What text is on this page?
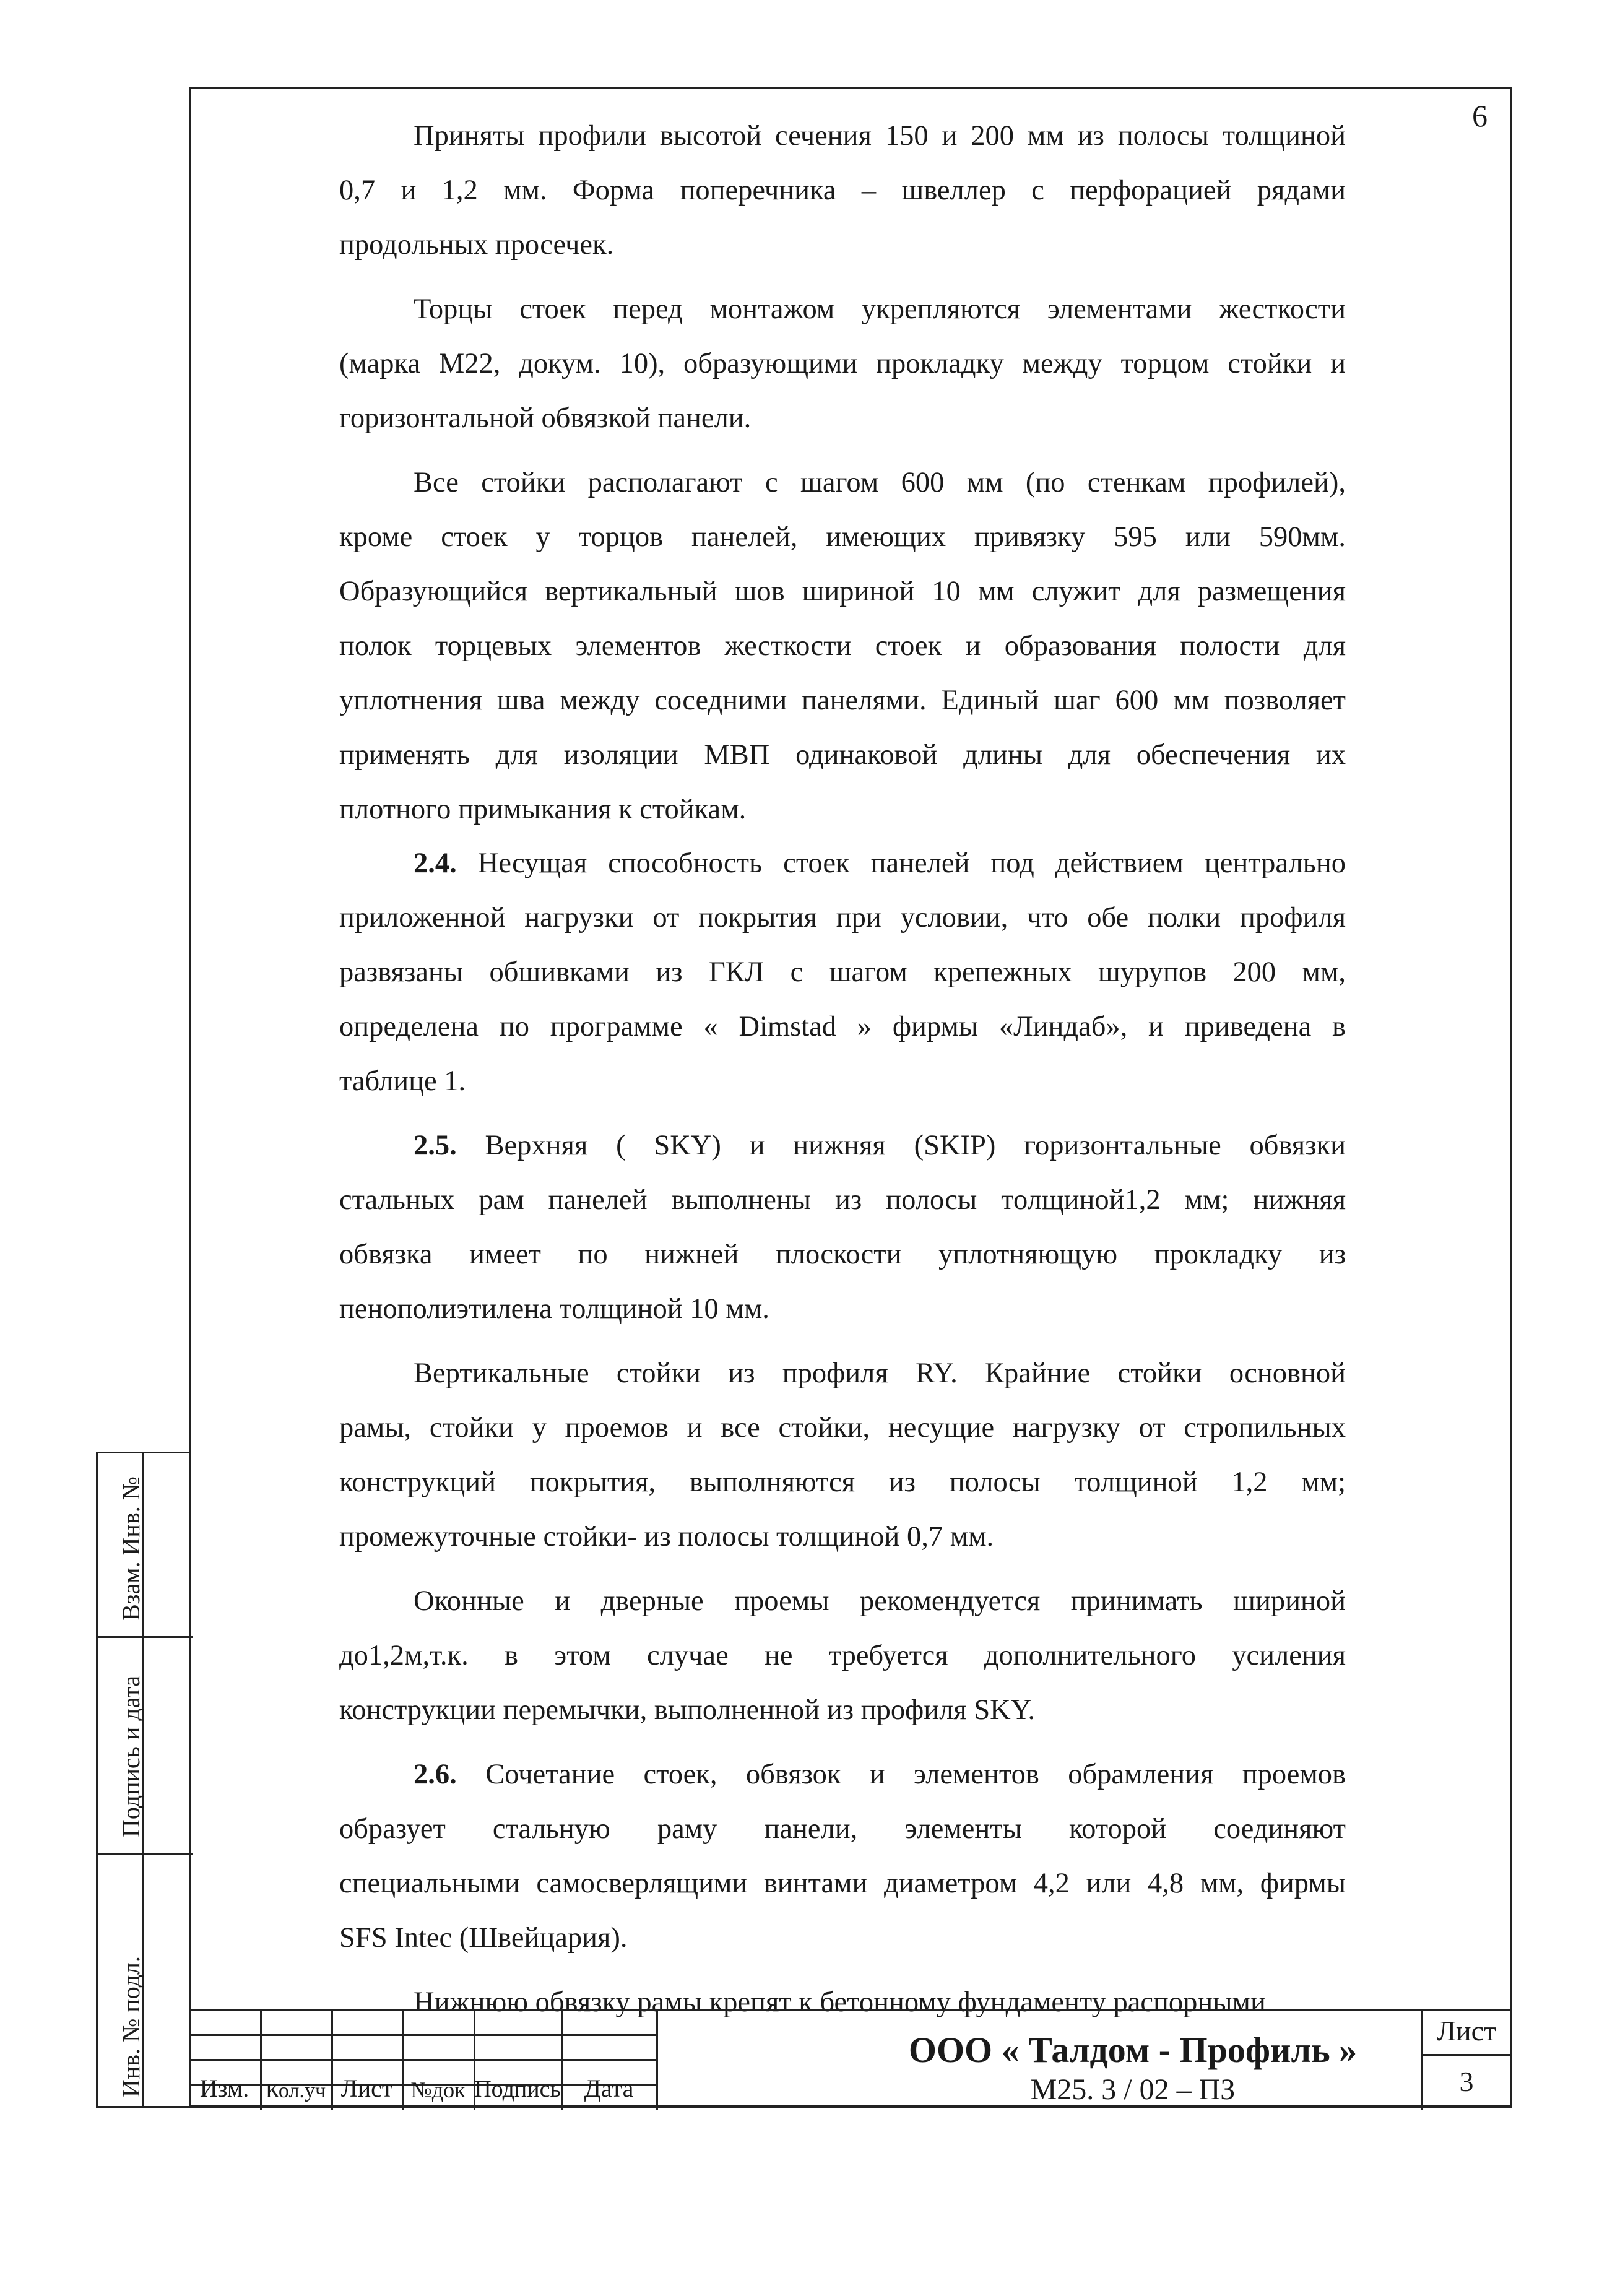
6
Приняты профили высотой сечения 150 и 200 мм из полосы толщиной
0,7 и 1,2 мм. Форма поперечника – швеллер с перфорацией рядами
продольных просечек.
Торцы стоек перед монтажом укрепляются элементами жесткости
(марка М22, докум. 10), образующими прокладку между торцом стойки и
горизонтальной обвязкой панели.
Все стойки располагают с шагом 600 мм (по стенкам профилей),
кроме стоек у торцов панелей, имеющих привязку 595 или 590мм.
Образующийся вертикальный шов шириной 10 мм служит для размещения
полок торцевых элементов жесткости стоек и образования полости для
уплотнения шва между соседними панелями. Единый шаг 600 мм позволяет
применять для изоляции МВП одинаковой длины для обеспечения их
плотного примыкания к стойкам.
2.4. Несущая способность стоек панелей под действием центрально
приложенной нагрузки от покрытия при условии, что обе полки профиля
развязаны обшивками из ГКЛ с шагом крепежных шурупов 200 мм,
определена по программе « Dimstad » фирмы «Линдаб», и приведена в
таблице 1.
2.5. Верхняя ( SKY) и нижняя (SKIP) горизонтальные обвязки
стальных рам панелей выполнены из полосы толщиной1,2 мм; нижняя
обвязка имеет по нижней плоскости уплотняющую прокладку из
пенополиэтилена толщиной 10 мм.
Вертикальные стойки из профиля RY. Крайние стойки основной
рамы, стойки у проемов и все стойки, несущие нагрузку от стропильных
конструкций покрытия, выполняются из полосы толщиной 1,2 мм;
промежуточные стойки- из полосы толщиной 0,7 мм.
Оконные и дверные проемы рекомендуется принимать шириной
до1,2м,т.к. в этом случае не требуется дополнительного усиления
конструкции перемычки, выполненной из профиля SKY.
2.6. Сочетание стоек, обвязок и элементов обрамления проемов
образует стальную раму панели, элементы которой соединяют
специальными самосверлящими винтами диаметром 4,2 или 4,8 мм, фирмы
SFS Intec (Швейцария).
Нижнюю обвязку рамы крепят к бетонному фундаменту распорными
Инв. № подл.
Подпись и дата
Взам. Инв. №
Изм. Кол.уч Лист №док Подпись Дата
ООО « Талдом - Профиль »
М25. 3 / 02 – ПЗ
Лист
3
